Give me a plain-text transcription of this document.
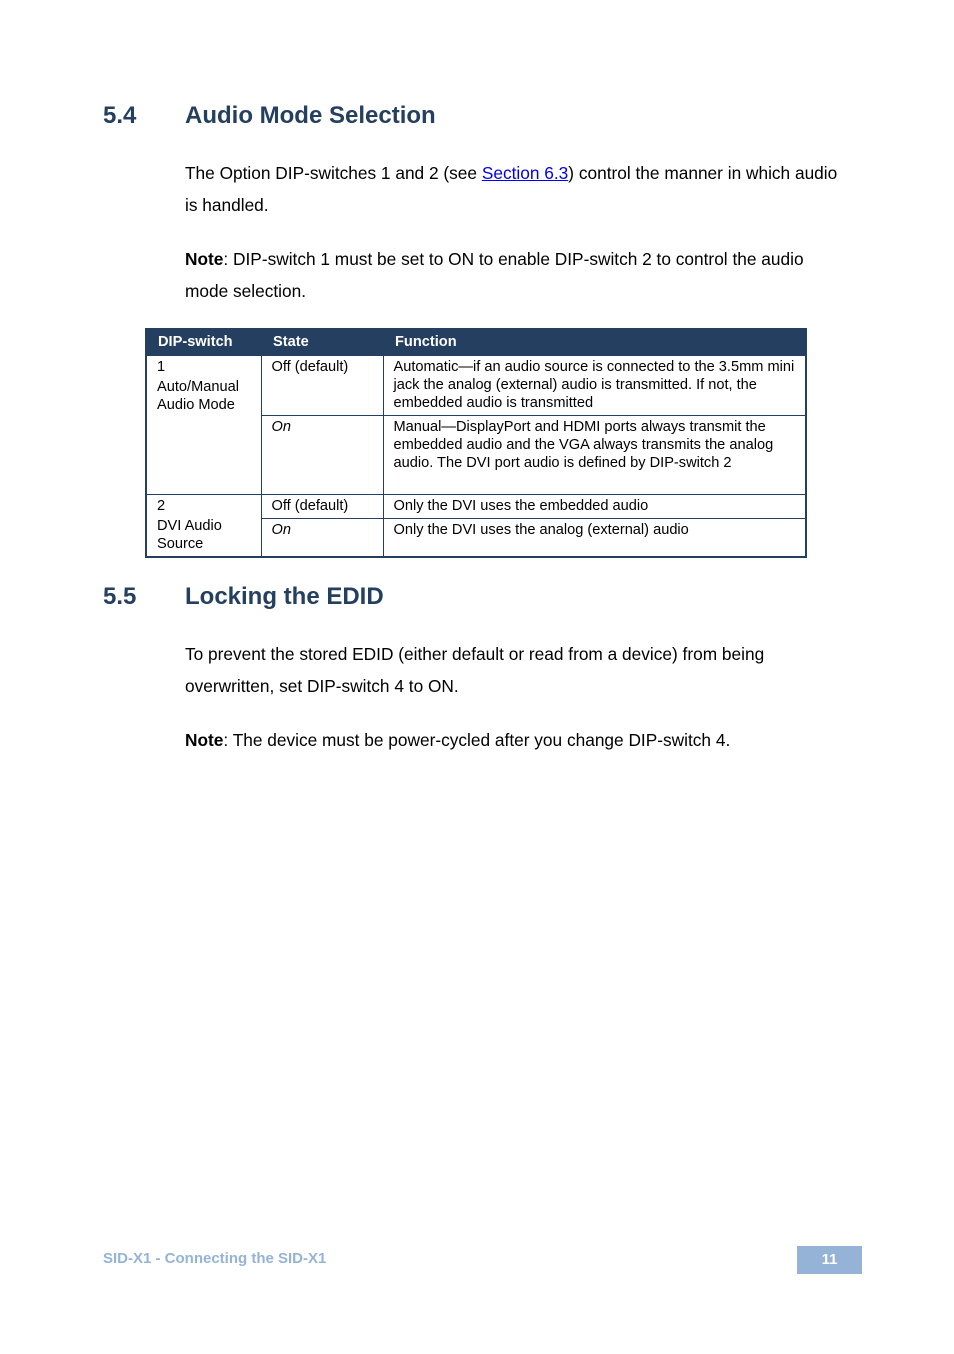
5.4 Audio Mode Selection

The Option DIP-switches 1 and 2 (see Section 6.3) control the manner in which audio is handled.

Note: DIP-switch 1 must be set to ON to enable DIP-switch 2 to control the audio mode selection.

DIP-switch	State	Function

1
Auto/Manual
Audio Mode	Off (default)	Automatic—if an audio source is connected to the 3.5mm mini jack the analog (external) audio is transmitted. If not, the embedded audio is transmitted
	On	Manual—DisplayPort and HDMI ports always transmit the embedded audio and the VGA always transmits the analog audio. The DVI port audio is defined by DIP-switch 2

2
DVI Audio
Source	Off (default)	Only the DVI uses the embedded audio
	On	Only the DVI uses the analog (external) audio
5.5 Locking the EDID

To prevent the stored EDID (either default or read from a device) from being overwritten, set DIP-switch 4 to ON.

Note: The device must be power-cycled after you change DIP-switch 4.

SID-X1 - Connecting the SID-X1	11
